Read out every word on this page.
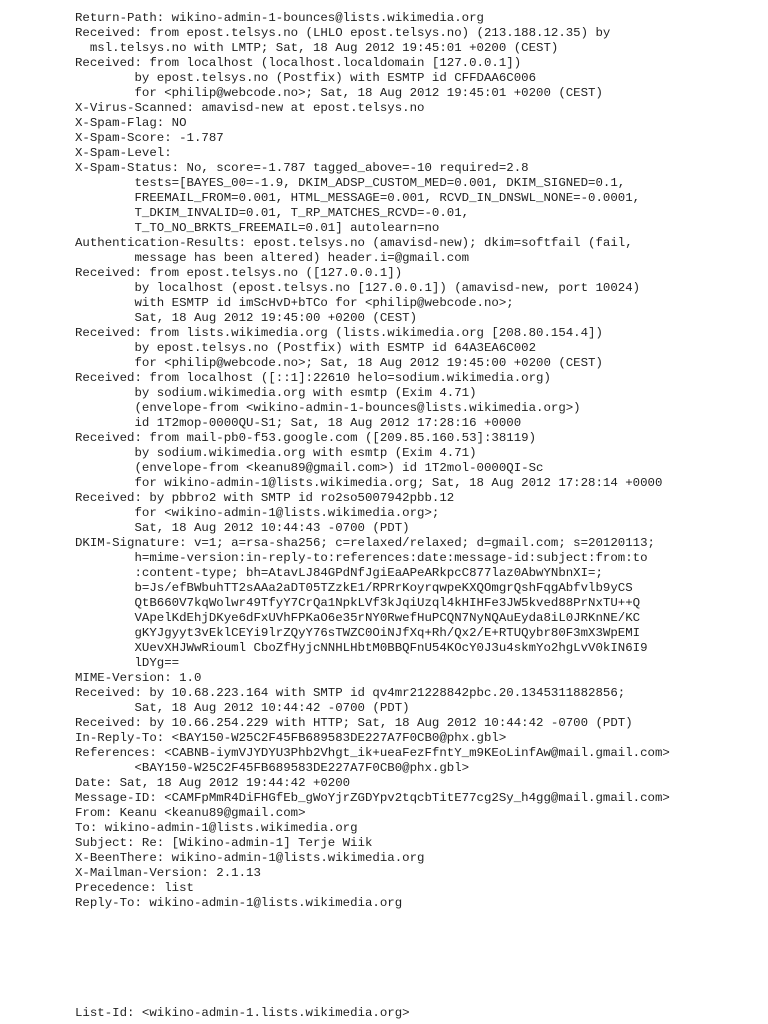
Return-Path: wikino-admin-1-bounces@lists.wikimedia.org
Received: from epost.telsys.no (LHLO epost.telsys.no) (213.188.12.35) by
msl.telsys.no with LMTP; Sat, 18 Aug 2012 19:45:01 +0200 (CEST)
Received: from localhost (localhost.localdomain [127.0.0.1])
by epost.telsys.no (Postfix) with ESMTP id CFFDAA6C006
for <philip@webcode.no>; Sat, 18 Aug 2012 19:45:01 +0200 (CEST)
X-Virus-Scanned: amavisd-new at epost.telsys.no
X-Spam-Flag: NO
X-Spam-Score: -1.787
X-Spam-Level:
X-Spam-Status: No, score=-1.787 tagged_above=-10 required=2.8
tests=[BAYES_00=-1.9, DKIM_ADSP_CUSTOM_MED=0.001, DKIM_SIGNED=0.1,
FREEMAIL_FROM=0.001, HTML_MESSAGE=0.001, RCVD_IN_DNSWL_NONE=-0.0001,
T_DKIM_INVALID=0.01, T_RP_MATCHES_RCVD=-0.01,
T_TO_NO_BRKTS_FREEMAIL=0.01] autolearn=no
Authentication-Results: epost.telsys.no (amavisd-new); dkim=softfail (fail,
message has been altered) header.i=@gmail.com
Received: from epost.telsys.no ([127.0.0.1])
by localhost (epost.telsys.no [127.0.0.1]) (amavisd-new, port 10024)
with ESMTP id imScHvD+bTCo for <philip@webcode.no>;
Sat, 18 Aug 2012 19:45:00 +0200 (CEST)
Received: from lists.wikimedia.org (lists.wikimedia.org [208.80.154.4])
by epost.telsys.no (Postfix) with ESMTP id 64A3EA6C002
for <philip@webcode.no>; Sat, 18 Aug 2012 19:45:00 +0200 (CEST)
Received: from localhost ([::1]:22610 helo=sodium.wikimedia.org)
by sodium.wikimedia.org with esmtp (Exim 4.71)
(envelope-from <wikino-admin-1-bounces@lists.wikimedia.org>)
id 1T2mop-0000QU-S1; Sat, 18 Aug 2012 17:28:16 +0000
Received: from mail-pb0-f53.google.com ([209.85.160.53]:38119)
by sodium.wikimedia.org with esmtp (Exim 4.71)
(envelope-from <keanu89@gmail.com>) id 1T2mol-0000QI-Sc
for wikino-admin-1@lists.wikimedia.org; Sat, 18 Aug 2012 17:28:14 +0000
Received: by pbbro2 with SMTP id ro2so5007942pbb.12
for <wikino-admin-1@lists.wikimedia.org>;
Sat, 18 Aug 2012 10:44:43 -0700 (PDT)
DKIM-Signature: v=1; a=rsa-sha256; c=relaxed/relaxed; d=gmail.com; s=20120113;
h=mime-version:in-reply-to:references:date:message-id:subject:from:to
:content-type; bh=AtavLJ84GPdNfJgiEaAPeARkpcC877laz0AbwYNbnXI=;
b=Js/efBWbuhTT2sAAa2aDT05TZzkE1/RPRrKoyrqwpeKXQOmgrQshFqgAbfvlb9yCS
QtB660V7kqWolwr49TfyY7CrQa1NpkLVf3kJqiUzql4kHIHFe3JW5kved88PrNxTU++Q
VApelKdEhjDKye6dFxUVhFPKaO6e35rNY0RwefHuPCQN7NyNQAuEyda8iL0JRKnNE/KC
gKYJgyyt3vEklCEYi9lrZQyY76sTWZC0OiNJfXq+Rh/Qx2/E+RTUQybr80F3mX3WpEMI
XUevXHJWwRiouml CboZfHyjcNNHLHbtM0BBQFnU54KOcY0J3u4skmYo2hgLvV0kIN6I9
lDYg==
MIME-Version: 1.0
Received: by 10.68.223.164 with SMTP id qv4mr21228842pbc.20.1345311882856;
Sat, 18 Aug 2012 10:44:42 -0700 (PDT)
Received: by 10.66.254.229 with HTTP; Sat, 18 Aug 2012 10:44:42 -0700 (PDT)
In-Reply-To: <BAY150-W25C2F45FB689583DE227A7F0CB0@phx.gbl>
References: <CABNB-iymVJYDYU3Phb2Vhgt_ik+ueaFezFfntY_m9KEoLinfAw@mail.gmail.com>
<BAY150-W25C2F45FB689583DE227A7F0CB0@phx.gbl>
Date: Sat, 18 Aug 2012 19:44:42 +0200
Message-ID: <CAMFpMmR4DiFHGfEb_gWoYjrZGDYpv2tqcbTitE77cg2Sy_h4gg@mail.gmail.com>
From: Keanu <keanu89@gmail.com>
To: wikino-admin-1@lists.wikimedia.org
Subject: Re: [Wikino-admin-1] Terje Wiik
X-BeenThere: wikino-admin-1@lists.wikimedia.org
X-Mailman-Version: 2.1.13
Precedence: list
Reply-To: wikino-admin-1@lists.wikimedia.org
List-Id: <wikino-admin-1.lists.wikimedia.org>
